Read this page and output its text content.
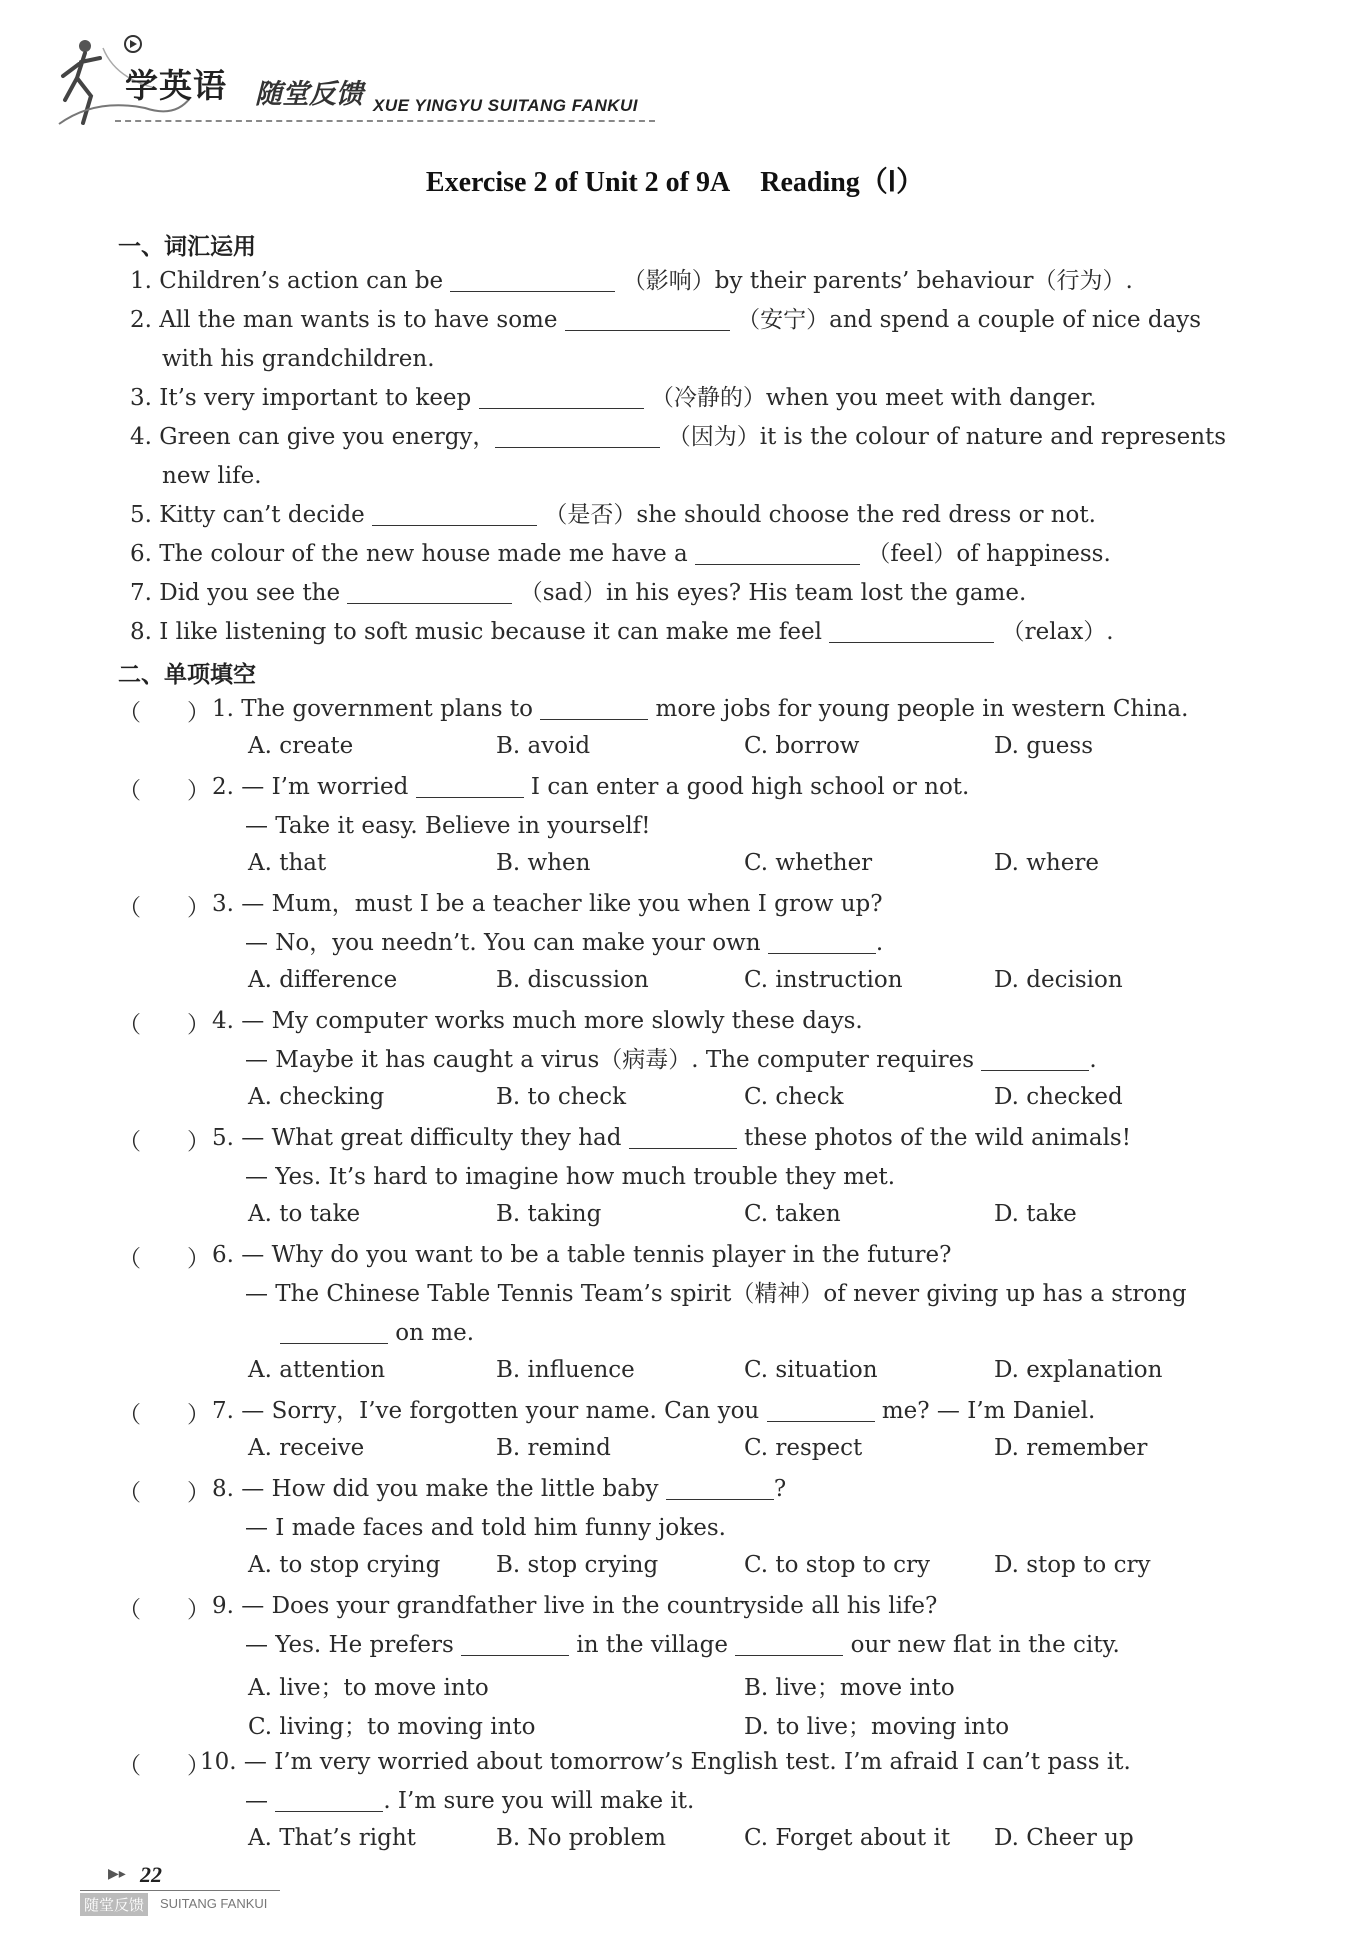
学英语 随堂反馈 XUE YINGYU SUITANG FANKUI
Exercise 2 of Unit 2 of 9A Reading（Ⅰ）
一、词汇运用
1. Children’s action can be	（影响）by their parents’ behaviour（行为）.
2. All the man wants is to have some	（安宁）and spend a couple of nice days
with his grandchildren.
3. It’s very important to keep	（冷静的）when you meet with danger.
4. Green can give you energy，	（因为）it is the colour of nature and represents
new life.
5. Kitty can’t decide	（是否）she should choose the red dress or not.
6. The colour of the new house made me have a	（feel）of happiness.
7. Did you see the	（sad）in his eyes? His team lost the game.
8. I like listening to soft music because it can make me feel	（relax）.
二、单项填空
（　　） 1. The government plans to	more jobs for young people in western China.
A. create	B. avoid	C. borrow	D. guess
（　　） 2. — I’m worried	I can enter a good high school or not.
— Take it easy. Believe in yourself!
A. that	B. when	C. whether	D. where
（　　） 3. — Mum，must I be a teacher like you when I grow up?
— No，you needn’t. You can make your own	.
A. difference	B. discussion	C. instruction	D. decision
（　　） 4. — My computer works much more slowly these days.
— Maybe it has caught a virus（病毒）. The computer requires	.
A. checking	B. to check	C. check	D. checked
（　　） 5. — What great difficulty they had	these photos of the wild animals!
— Yes. It’s hard to imagine how much trouble they met.
A. to take	B. taking	C. taken	D. take
（　　） 6. — Why do you want to be a table tennis player in the future?
— The Chinese Table Tennis Team’s spirit（精神）of never giving up has a strong
on me.
A. attention	B. influence	C. situation	D. explanation
（　　） 7. — Sorry，I’ve forgotten your name. Can you	me? — I’m Daniel.
A. receive	B. remind	C. respect	D. remember
（　　） 8. — How did you make the little baby	?
— I made faces and told him funny jokes.
A. to stop crying B. stop crying	C. to stop to cry	D. stop to cry
（　　） 9. — Does your grandfather live in the countryside all his life?
— Yes. He prefers	in the village	our new flat in the city.
A. live；to move into	B. live；move into
C. living；to moving into	D. to live；moving into
（　　）
10. — I’m very worried about tomorrow’s English test. I’m afraid I can’t pass it.
—	. I’m sure you will make it.
A. That’s right	B. No problem	C. Forget about it D. Cheer up
▶▸ 22
随堂反馈	SUITANG FANKUI
